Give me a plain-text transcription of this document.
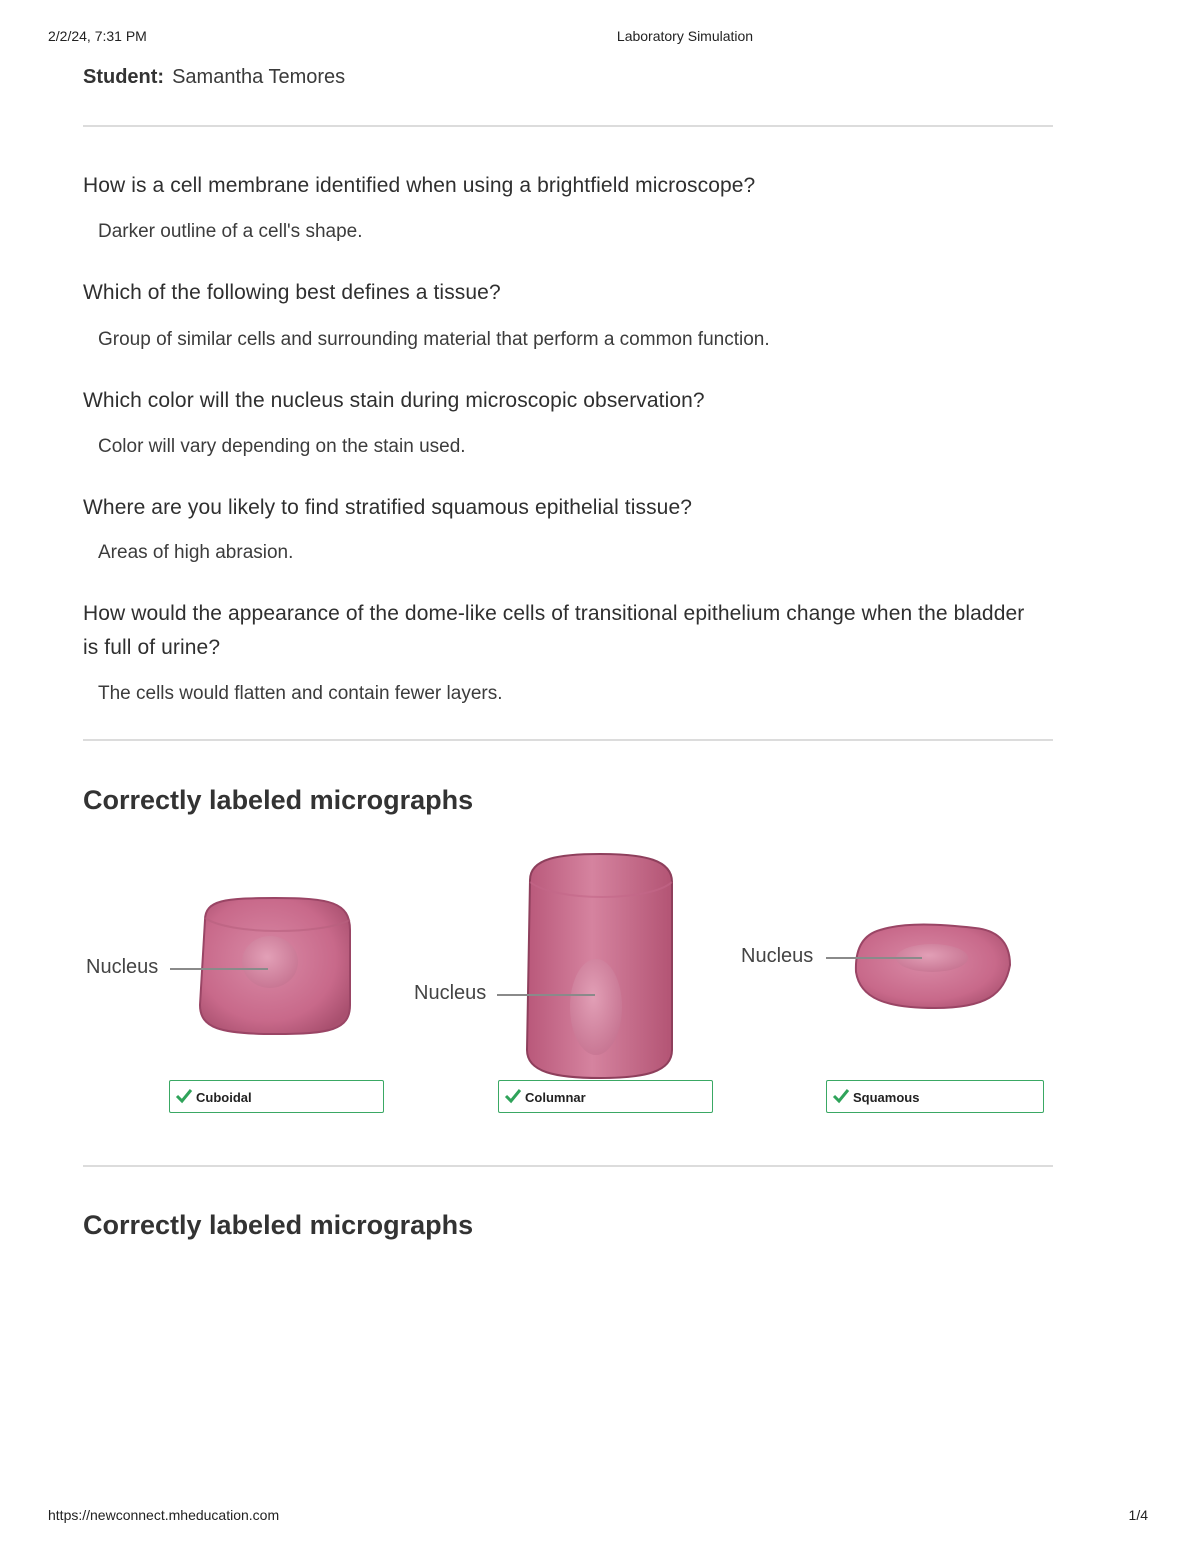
2/2/24, 7:31 PM	Laboratory Simulation
Student: Samantha Temores
How is a cell membrane identified when using a brightfield microscope?
Darker outline of a cell's shape.
Which of the following best defines a tissue?
Group of similar cells and surrounding material that perform a common function.
Which color will the nucleus stain during microscopic observation?
Color will vary depending on the stain used.
Where are you likely to find stratified squamous epithelial tissue?
Areas of high abrasion.
How would the appearance of the dome-like cells of transitional epithelium change when the bladder is full of urine?
The cells would flatten and contain fewer layers.
Correctly labeled micrographs
Nucleus
Nucleus
Nucleus
Cuboidal	Columnar	Squamous
Correctly labeled micrographs
https://newconnect.mheducation.com	1/4
